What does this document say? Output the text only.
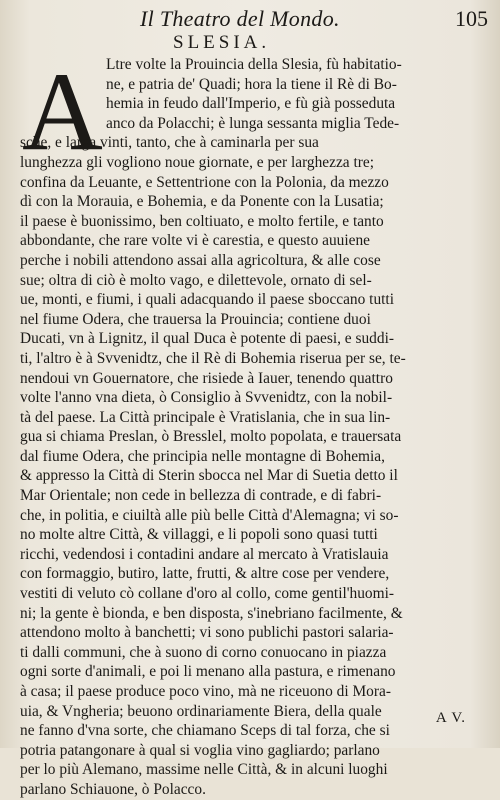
Il Theatro del Mondo.	105
SLESIA.
A Ltre volte la Prouincia della Slesia, fù habitatio-
ne, e patria de' Quadi; hora la tiene il Rè di Bo-
hemia in feudo dall'Imperio, e fù già posseduta
anco da Polacchi; è lunga sessanta miglia Tede-
sche, e larga vinti, tanto, che à caminarla per sua
lunghezza gli vogliono noue giornate, e per larghezza tre;
confina da Leuante, e Settentrione con la Polonia, da mezzo
dì con la Morauia, e Bohemia, e da Ponente con la Lusatia;
il paese è buonissimo, ben coltiuato, e molto fertile, e tanto
abbondante, che rare volte vi è carestia, e questo auuiene
perche i nobili attendono assai alla agricoltura, & alle cose
sue; oltra di ciò è molto vago, e dilettevole, ornato di sel-
ue, monti, e fiumi, i quali adacquando il paese sboccano tutti
nel fiume Odera, che trauersa la Prouincia; contiene duoi
Ducati, vn à Lignitz, il qual Duca è potente di paesi, e suddi-
ti, l'altro è à Svvenidtz, che il Rè di Bohemia riserua per se, te-
nendoui vn Gouernatore, che risiede à Iauer, tenendo quattro
volte l'anno vna dieta, ò Consiglio à Svvenidtz, con la nobil-
tà del paese. La Città principale è Vratislania, che in sua lin-
gua si chiama Preslan, ò Bresslel, molto popolata, e trauersata
dal fiume Odera, che principia nelle montagne di Bohemia,
& appresso la Città di Sterin sbocca nel Mar di Suetia detto il
Mar Orientale; non cede in bellezza di contrade, e di fabri-
che, in politia, e ciuiltà alle più belle Città d'Alemagna; vi so-
no molte altre Città, & villaggi, e li popoli sono quasi tutti
ricchi, vedendosi i contadini andare al mercato à Vratislauia
con formaggio, butiro, latte, frutti, & altre cose per vendere,
vestiti di veluto cò collane d'oro al collo, come gentil'huomi-
ni; la gente è bionda, e ben disposta, s'inebriano facilmente, &
attendono molto à banchetti; vi sono publichi pastori salaria-
ti dalli communi, che à suono di corno conuocano in piazza
ogni sorte d'animali, e poi li menano alla pastura, e rimenano
à casa; il paese produce poco vino, mà ne riceuono di Mora-
uia, & Vngheria; beuono ordinariamente Biera, della quale
ne fanno d'vna sorte, che chiamano Sceps di tal forza, che si
potria patangonare à qual si voglia vino gagliardo; parlano
per lo più Alemano, massime nelle Città, & in alcuni luoghi
parlano Schiauone, ò Polacco.
A V.
